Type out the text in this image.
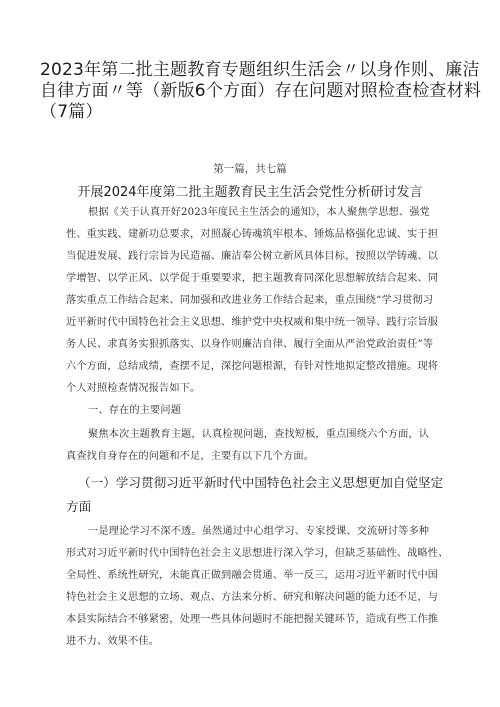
2023年第二批主题教育专题组织生活会〃以身作则、廉洁
自律方面〃等（新版6个方面）存在问题对照检查检查材料
（7篇）
第一篇，共七篇
开展2024年度第二批主题教育民主生活会党性分析研讨发言
根据《关于认真开好2023年度民主生活会的通知》，本人聚焦学思想、强党
性、重实践、建新功总要求，对照凝心铸魂筑牢根本、锤炼品格强化忠诚、实于担
当促进发展、践行宗旨为民造福、廉洁奉公树立新风具体目标，按照以学铸魂、以
学增智、以学正风、以学促于重要要求，把主题教育同深化思想解放结合起来、同
落实重点工作结合起来、同加强和改进业务工作结合起来，重点围绕“学习贯彻习
近平新时代中国特色社会主义思想、维护党中央权威和集中统一领导、践行宗旨服
务人民、求真务实狠抓落实、以身作则廉洁自律、履行全面从严治党政治责任”等
六个方面，总结成绩，查摆不足，深挖问题根源，有针对性地拟定整改措施。现将
个人对照检查情况报告如下。
一、存在的主要问题
聚焦本次主题教育主题，认真检视问题，查找短板，重点围绕六个方面，认
真查找自身存在的问题和不足，主要有以下几个方面。
（一）学习贯彻习近平新时代中国特色社会主义思想更加自觉坚定
方面
一是理论学习不深不透。虽然通过中心组学习、专家授课、交流研讨等多种
形式对习近平新时代中国特色社会主义思想进行深入学习，但缺乏基础性、战略性、
全局性、系统性研究，未能真正做到融会贯通、举一反三，运用习近平新时代中国
特色社会主义思想的立场、观点、方法来分析、研究和解决问题的能力还不足，与
本县实际结合不够紧密，处理一些具体问题时不能把握关键环节，造成有些工作推
进不力、效果不佳。
